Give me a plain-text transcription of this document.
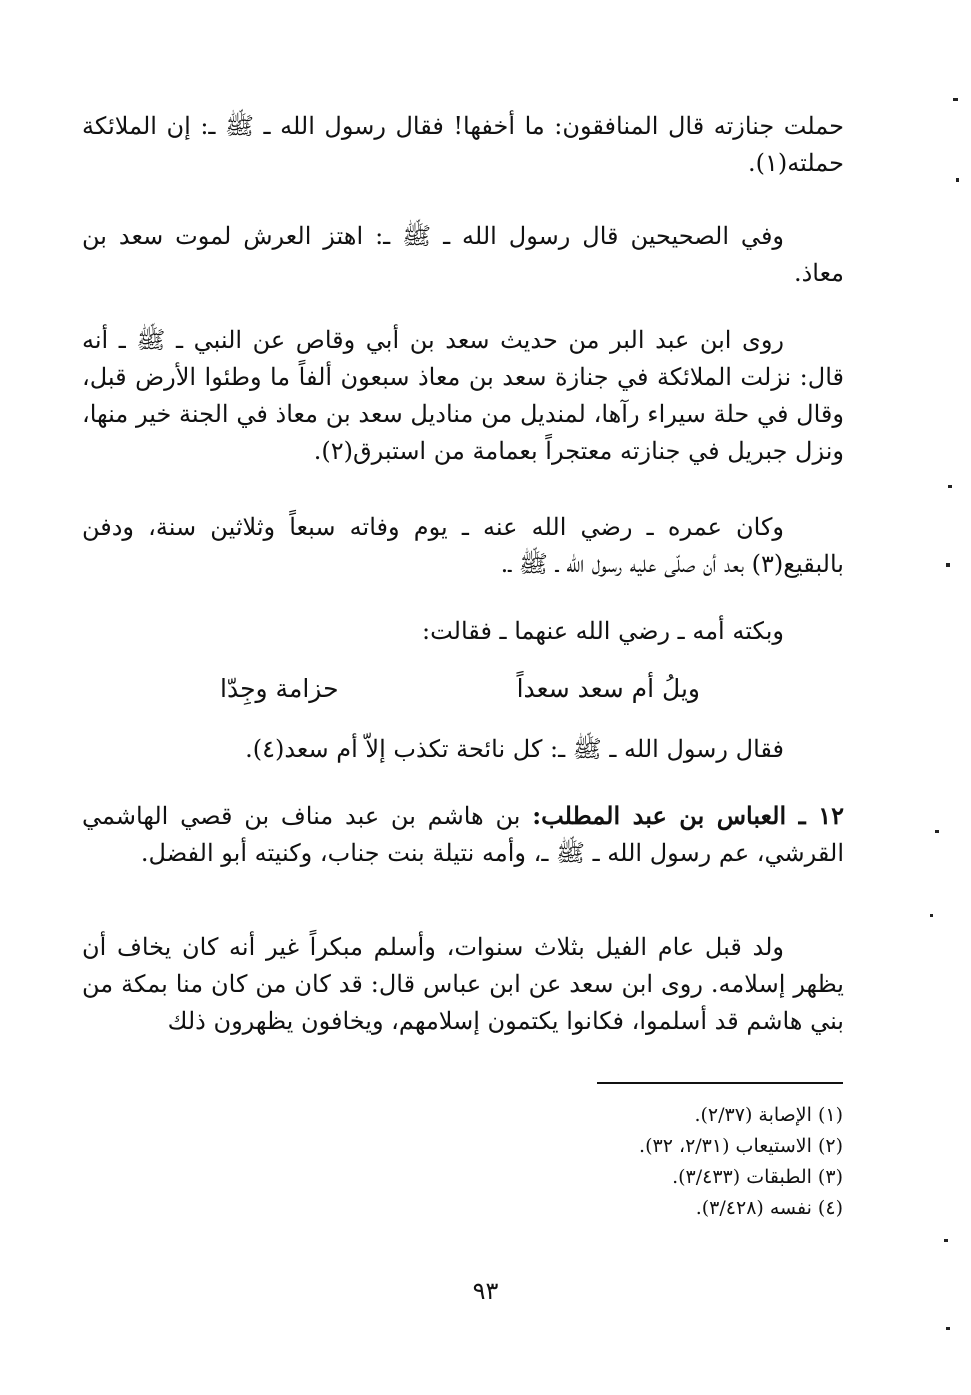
حملت جنازته قال المنافقون: ما أخفها! فقال رسول الله ـ ﷺ ـ: إن الملائكة حملته(١).
وفي الصحيحين قال رسول الله ـ ﷺ ـ: اهتز العرش لموت سعد بن معاذ.
روى ابن عبد البر من حديث سعد بن أبي وقاص عن النبي ـ ﷺ ـ أنه قال: نزلت الملائكة في جنازة سعد بن معاذ سبعون ألفاً ما وطئوا الأرض قبل، وقال في حلة سيراء رآها، لمنديل من مناديل سعد بن معاذ في الجنة خير منها، ونزل جبريل في جنازته معتجراً بعمامة من استبرق(٢).
وكان عمره ـ رضي الله عنه ـ يوم وفاته سبعاً وثلاثين سنة، ودفن بالبقيع(٣) بعد أن صلّى عليه رسول الله ـ ﷺ ـ.
وبكته أمه ـ رضي الله عنهما ـ فقالت:
ويلُ أم سعد سعداً
حزامة وجِدّا
فقال رسول الله ـ ﷺ ـ: كل نائحة تكذب إلاّ أم سعد(٤).
١٢ ـ العباس بن عبد المطلب: بن هاشم بن عبد مناف بن قصي الهاشمي القرشي، عم رسول الله ـ ﷺ ـ، وأمه نتيلة بنت جناب، وكنيته أبو الفضل.
ولد قبل عام الفيل بثلاث سنوات، وأسلم مبكراً غير أنه كان يخاف أن يظهر إسلامه. روى ابن سعد عن ابن عباس قال: قد كان من كان منا بمكة من بني هاشم قد أسلموا، فكانوا يكتمون إسلامهم، ويخافون يظهرون ذلك
(١) الإصابة (٢/٣٧).
(٢) الاستيعاب (٢/٣١، ٣٢).
(٣) الطبقات (٣/٤٣٣).
(٤) نفسه (٣/٤٢٨).
٩٣
